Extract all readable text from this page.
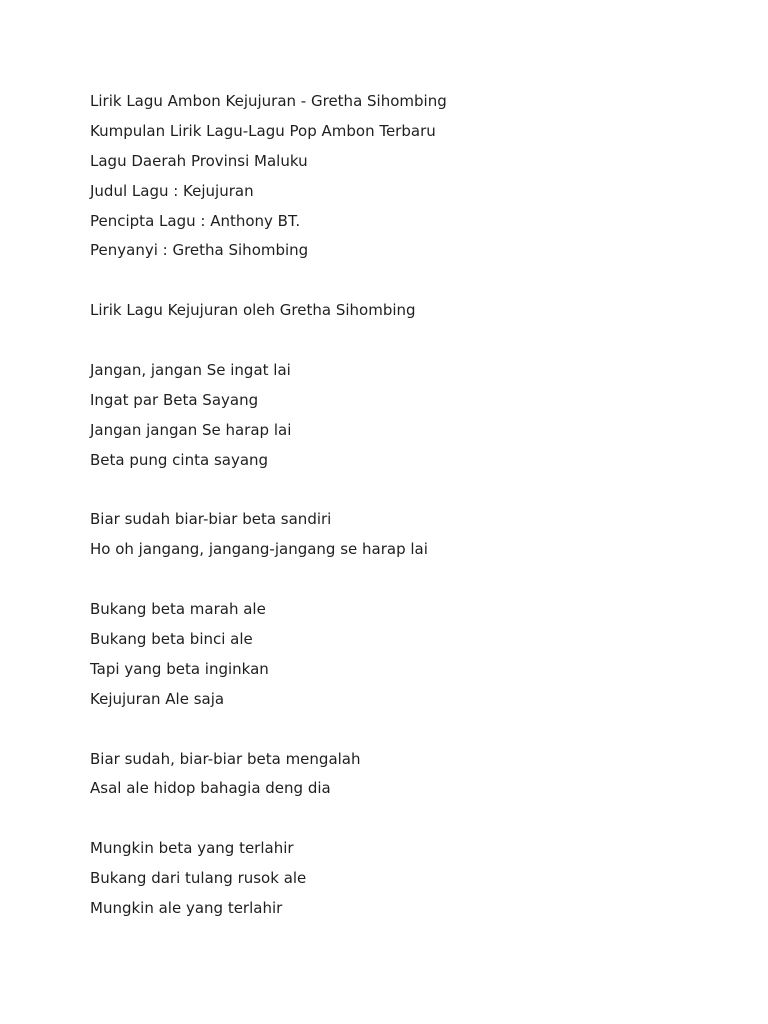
Lirik Lagu Ambon Kejujuran - Gretha Sihombing
Kumpulan Lirik Lagu-Lagu Pop Ambon Terbaru
Lagu Daerah Provinsi Maluku
Judul Lagu : Kejujuran
Pencipta Lagu : Anthony BT.
Penyanyi : Gretha Sihombing
Lirik Lagu Kejujuran oleh Gretha Sihombing
Jangan, jangan Se ingat lai
Ingat par Beta Sayang
Jangan jangan Se harap lai
Beta pung cinta sayang
Biar sudah biar-biar beta sandiri
Ho oh jangang, jangang-jangang se harap lai
Bukang beta marah ale
Bukang beta binci ale
Tapi yang beta inginkan
Kejujuran Ale saja
Biar sudah, biar-biar beta mengalah
Asal ale hidop bahagia deng dia
Mungkin beta yang terlahir
Bukang dari tulang rusok ale
Mungkin ale yang terlahir
